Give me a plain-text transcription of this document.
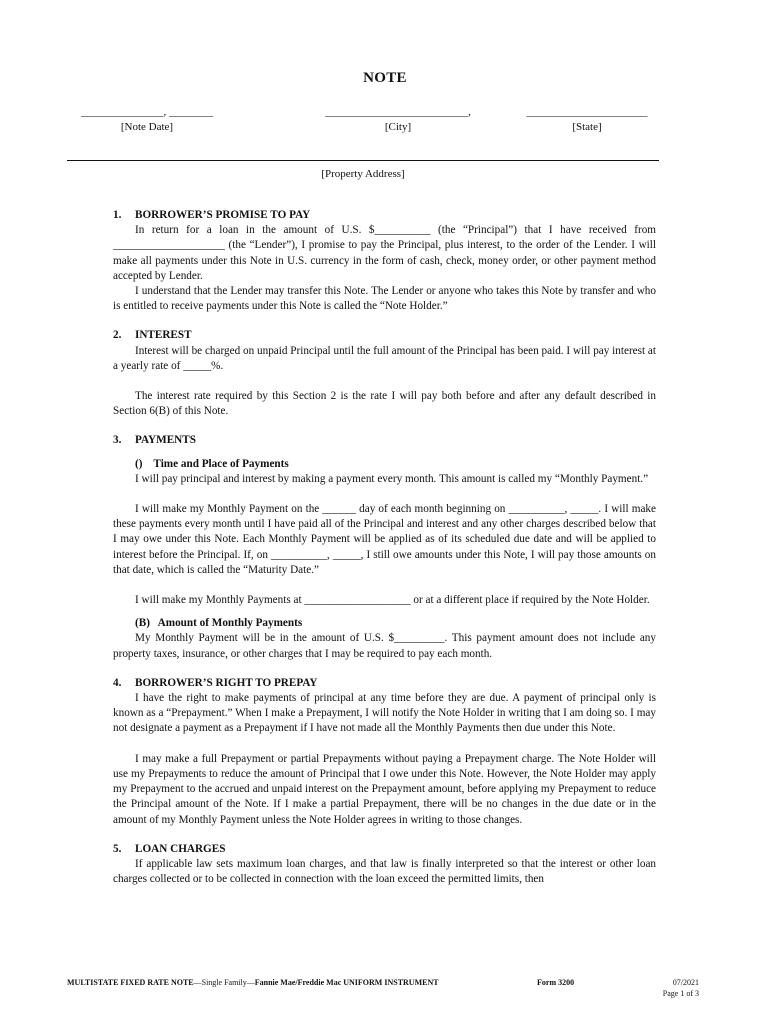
NOTE
_______________, ________
[Note Date]
__________________________,
[City]
______________________
[State]
[Property Address]

1. BORROWER’S PROMISE TO PAY

In return for a loan in the amount of U.S. $__________ (the “Principal”) that I have received from ____________________ (the “Lender”), I promise to pay the Principal, plus interest, to the order of the Lender. I will make all payments under this Note in U.S. currency in the form of cash, check, money order, or other payment method accepted by Lender.

I understand that the Lender may transfer this Note. The Lender or anyone who takes this Note by transfer and who is entitled to receive payments under this Note is called the “Note Holder.”

2. INTEREST

Interest will be charged on unpaid Principal until the full amount of the Principal has been paid. I will pay interest at a yearly rate of _____%.

The interest rate required by this Section 2 is the rate I will pay both before and after any default described in Section 6(B) of this Note.

3. PAYMENTS

()    Time and Place of Payments

I will pay principal and interest by making a payment every month. This amount is called my “Monthly Payment.”

I will make my Monthly Payment on the ______ day of each month beginning on __________, _____. I will make these payments every month until I have paid all of the Principal and interest and any other charges described below that I may owe under this Note. Each Monthly Payment will be applied as of its scheduled due date and will be applied to interest before the Principal. If, on __________, _____, I still owe amounts under this Note, I will pay those amounts on that date, which is called the “Maturity Date.”

I will make my Monthly Payments at ___________________ or at a different place if required by the Note Holder.

(B)   Amount of Monthly Payments

My Monthly Payment will be in the amount of U.S. $_________. This payment amount does not include any property taxes, insurance, or other charges that I may be required to pay each month.

4. BORROWER’S RIGHT TO PREPAY

I have the right to make payments of principal at any time before they are due. A payment of principal only is known as a “Prepayment.” When I make a Prepayment, I will notify the Note Holder in writing that I am doing so. I may not designate a payment as a Prepayment if I have not made all the Monthly Payments then due under this Note.

I may make a full Prepayment or partial Prepayments without paying a Prepayment charge. The Note Holder will use my Prepayments to reduce the amount of Principal that I owe under this Note. However, the Note Holder may apply my Prepayment to the accrued and unpaid interest on the Prepayment amount, before applying my Prepayment to reduce the Principal amount of the Note. If I make a partial Prepayment, there will be no changes in the due date or in the amount of my Monthly Payment unless the Note Holder agrees in writing to those changes.

5. LOAN CHARGES

If applicable law sets maximum loan charges, and that law is finally interpreted so that the interest or other loan charges collected or to be collected in connection with the loan exceed the permitted limits, then

MULTISTATE FIXED RATE NOTE—Single Family—Fannie Mae/Freddie Mac UNIFORM INSTRUMENT	Form 3200	07/2021
Page 1 of 3
